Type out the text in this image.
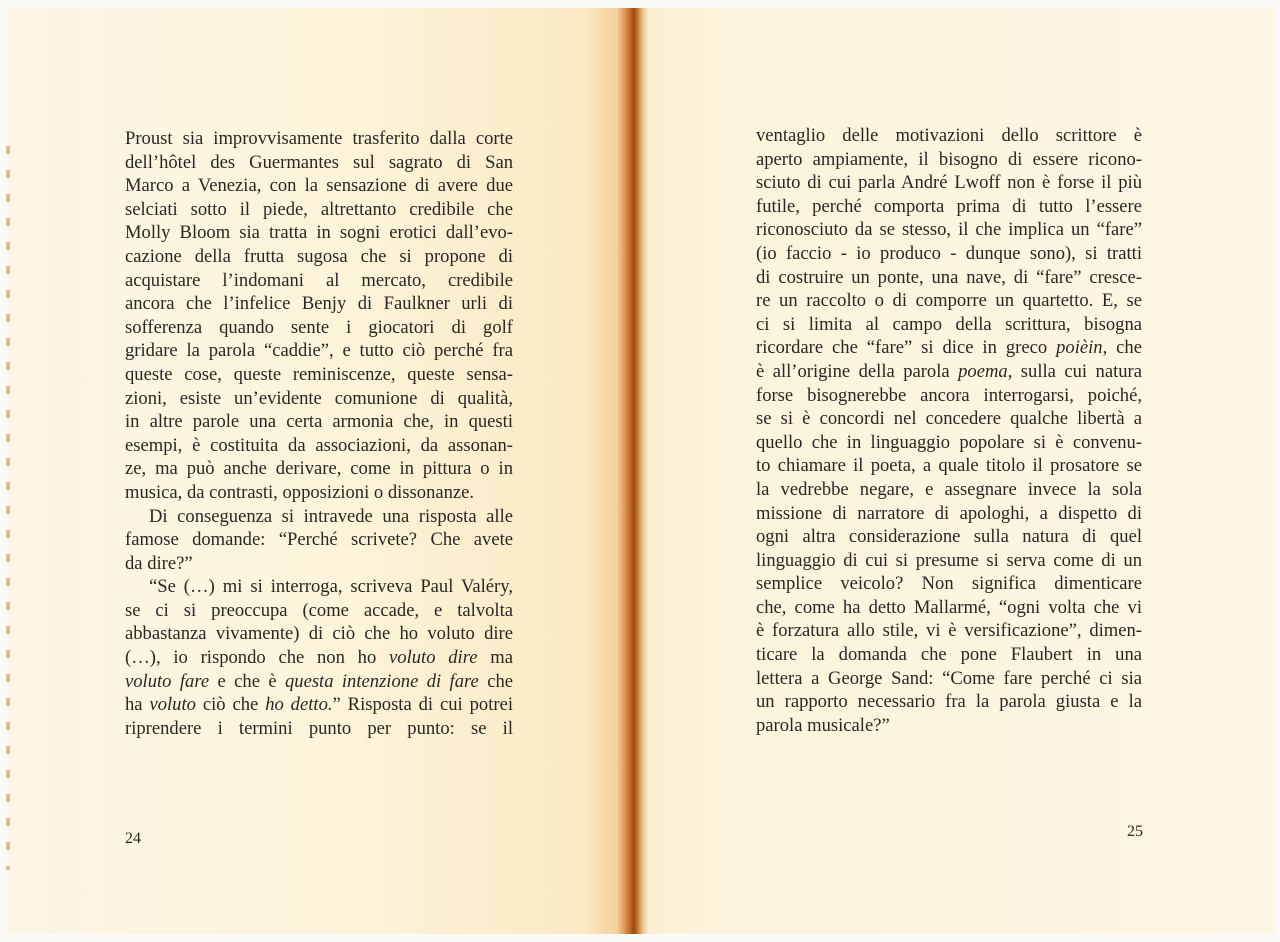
Proust sia improvvisamente trasferito dalla corte
dell’hôtel des Guermantes sul sagrato di San
Marco a Venezia, con la sensazione di avere due
selciati sotto il piede, altrettanto credibile che
Molly Bloom sia tratta in sogni erotici dall’evo-
cazione della frutta sugosa che si propone di
acquistare l’indomani al mercato, credibile
ancora che l’infelice Benjy di Faulkner urli di
sofferenza quando sente i giocatori di golf
gridare la parola “caddie”, e tutto ciò perché fra
queste cose, queste reminiscenze, queste sensa-
zioni, esiste un’evidente comunione di qualità,
in altre parole una certa armonia che, in questi
esempi, è costituita da associazioni, da assonan-
ze, ma può anche derivare, come in pittura o in
musica, da contrasti, opposizioni o dissonanze.
Di conseguenza si intravede una risposta alle
famose domande: “Perché scrivete? Che avete
da dire?”
“Se (…) mi si interroga, scriveva Paul Valéry,
se ci si preoccupa (come accade, e talvolta
abbastanza vivamente) di ciò che ho voluto dire
(…), io rispondo che non ho voluto dire ma
voluto fare e che è questa intenzione di fare che
ha voluto ciò che ho detto.” Risposta di cui potrei
riprendere i termini punto per punto: se il
ventaglio delle motivazioni dello scrittore è
aperto ampiamente, il bisogno di essere ricono-
sciuto di cui parla André Lwoff non è forse il più
futile, perché comporta prima di tutto l’essere
riconosciuto da se stesso, il che implica un “fare”
(io faccio - io produco - dunque sono), si tratti
di costruire un ponte, una nave, di “fare” cresce-
re un raccolto o di comporre un quartetto. E, se
ci si limita al campo della scrittura, bisogna
ricordare che “fare” si dice in greco poièin, che
è all’origine della parola poema, sulla cui natura
forse bisognerebbe ancora interrogarsi, poiché,
se si è concordi nel concedere qualche libertà a
quello che in linguaggio popolare si è convenu-
to chiamare il poeta, a quale titolo il prosatore se
la vedrebbe negare, e assegnare invece la sola
missione di narratore di apologhi, a dispetto di
ogni altra considerazione sulla natura di quel
linguaggio di cui si presume si serva come di un
semplice veicolo? Non significa dimenticare
che, come ha detto Mallarmé, “ogni volta che vi
è forzatura allo stile, vi è versificazione”, dimen-
ticare la domanda che pone Flaubert in una
lettera a George Sand: “Come fare perché ci sia
un rapporto necessario fra la parola giusta e la
parola musicale?”

24	25
